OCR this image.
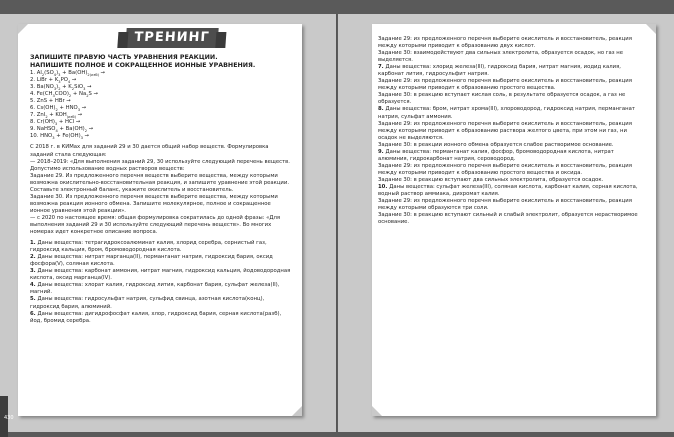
430
ТРЕНИНГ

ЗАПИШИТЕ ПРАВУЮ ЧАСТЬ УРАВНЕНИЯ РЕАКЦИИ.

НАПИШИТЕ ПОЛНОЕ И СОКРАЩЕННОЕ ИОННЫЕ УРАВНЕНИЯ.

1. $Al_2(SO_4)_3 + Ba(OH)_{2(изб)}$ →

2. LiBr + $K_3PO_4$ →

3. $Ba(NO_3)_2 + K_2SiO_3$ →

4. $Fe(CH_3COO)_2 + Na_2S$ →

5. ZnS + HBr →

6. $Cs(OH)_2 + HNO_3$ →

7. $ZnI_2 + KOH_{(изб)}$ →

8. $Cr(OH)_3$ + HCl →

9. NaHSO$_4$ + $Ba(OH)_2$ →

10. $HNO_3 + Fe(OH)_3$ →

С 2018 г. в КИМах для заданий 29 и 30 дается общий набор веществ. Формулировка заданий стала следующая:

— 2018–2019: «Для выполнения заданий 29, 30 используйте следующий перечень веществ. Допустимо использование водных растворов веществ:

Задание 29. Из предложенного перечня веществ выберите вещества, между которыми возможна окислительно-восстановительная реакция, и запишите уравнение этой реакции. Составьте электронный баланс, укажите окислитель и восстановитель.

Задание 30. Из предложенного перечня веществ выберите вещества, между которыми возможна реакция ионного обмена. Запишите молекулярное, полное и сокращенное ионное уравнения этой реакции».

— с 2020 по настоящее время: общая формулировка сократилась до одной фразы: «Для выполнения заданий 29 и 30 используйте следующий перечень веществ». Во многих номерах идет конкретное описание вопроса.

1. Даны вещества: тетрагидроксоалюминат калия, хлорид серебра, сернистый газ, гидроксид кальция, бром, бромоводородная кислота.

2. Даны вещества: нитрат марганца(II), перманганат натрия, гидроксид бария, оксид фосфора(V), соляная кислота.

3. Даны вещества: карбонат аммония, нитрат магния, гидроксид кальция, йодоводородная кислота, оксид марганца(IV).

4. Даны вещества: хлорат калия, гидроксид лития, карбонат бария, сульфат железа(II), магний.

5. Даны вещества: гидросульфат натрия, сульфид свинца, азотная кислота(конц), гидроксид бария, алюминий.

6. Даны вещества: дигидрофосфат калия, хлор, гидроксид бария, серная кислота(разб), йод, бромид серебра.

Задание 29: из предложенного перечня выберите окислитель и восстановитель, реакция между которыми приводит к образованию двух кислот.

Задание 30: взаимодействуют два сильных электролита, образуется осадок, но газ не выделяется.

7. Даны вещества: хлорид железа(III), гидроксид бария, нитрат магния, иодид калия, карбонат лития, гидросульфит натрия.

Задание 29: из предложенного перечня выберите окислитель и восстановитель, реакция между которыми приводит к образованию простого вещества.

Задание 30: в реакцию вступает кислая соль, в результате образуется осадок, а газ не образуется.

8. Даны вещества: бром, нитрат хрома(III), хлороводород, гидроксид натрия, перманганат натрия, сульфат аммония.

Задание 29: из предложенного перечня выберите окислитель и восстановитель, реакция между которыми приводит к образованию раствора желтого цвета, при этом ни газ, ни осадок не выделяются.

Задание 30: в реакции ионного обмена образуется слабое растворимое основание.

9. Даны вещества: перманганат калия, фосфор, бромоводородная кислота, нитрат алюминия, гидрокарбонат натрия, сероводород.

Задание 29: из предложенного перечня выберите окислитель и восстановитель, реакция между которыми приводит к образованию простого вещества и оксида.

Задание 30: в реакцию вступают два сильных электролита, образуется осадок.

10. Даны вещества: сульфат железа(III), соляная кислота, карбонат калия, серная кислота, водный раствор аммиака, дихромат калия.

Задание 29: из предложенного перечня выберите окислитель и восстановитель, реакция между которыми образуются три соли.

Задание 30: в реакцию вступают сильный и слабый электролит, образуется нерастворимое основание.
